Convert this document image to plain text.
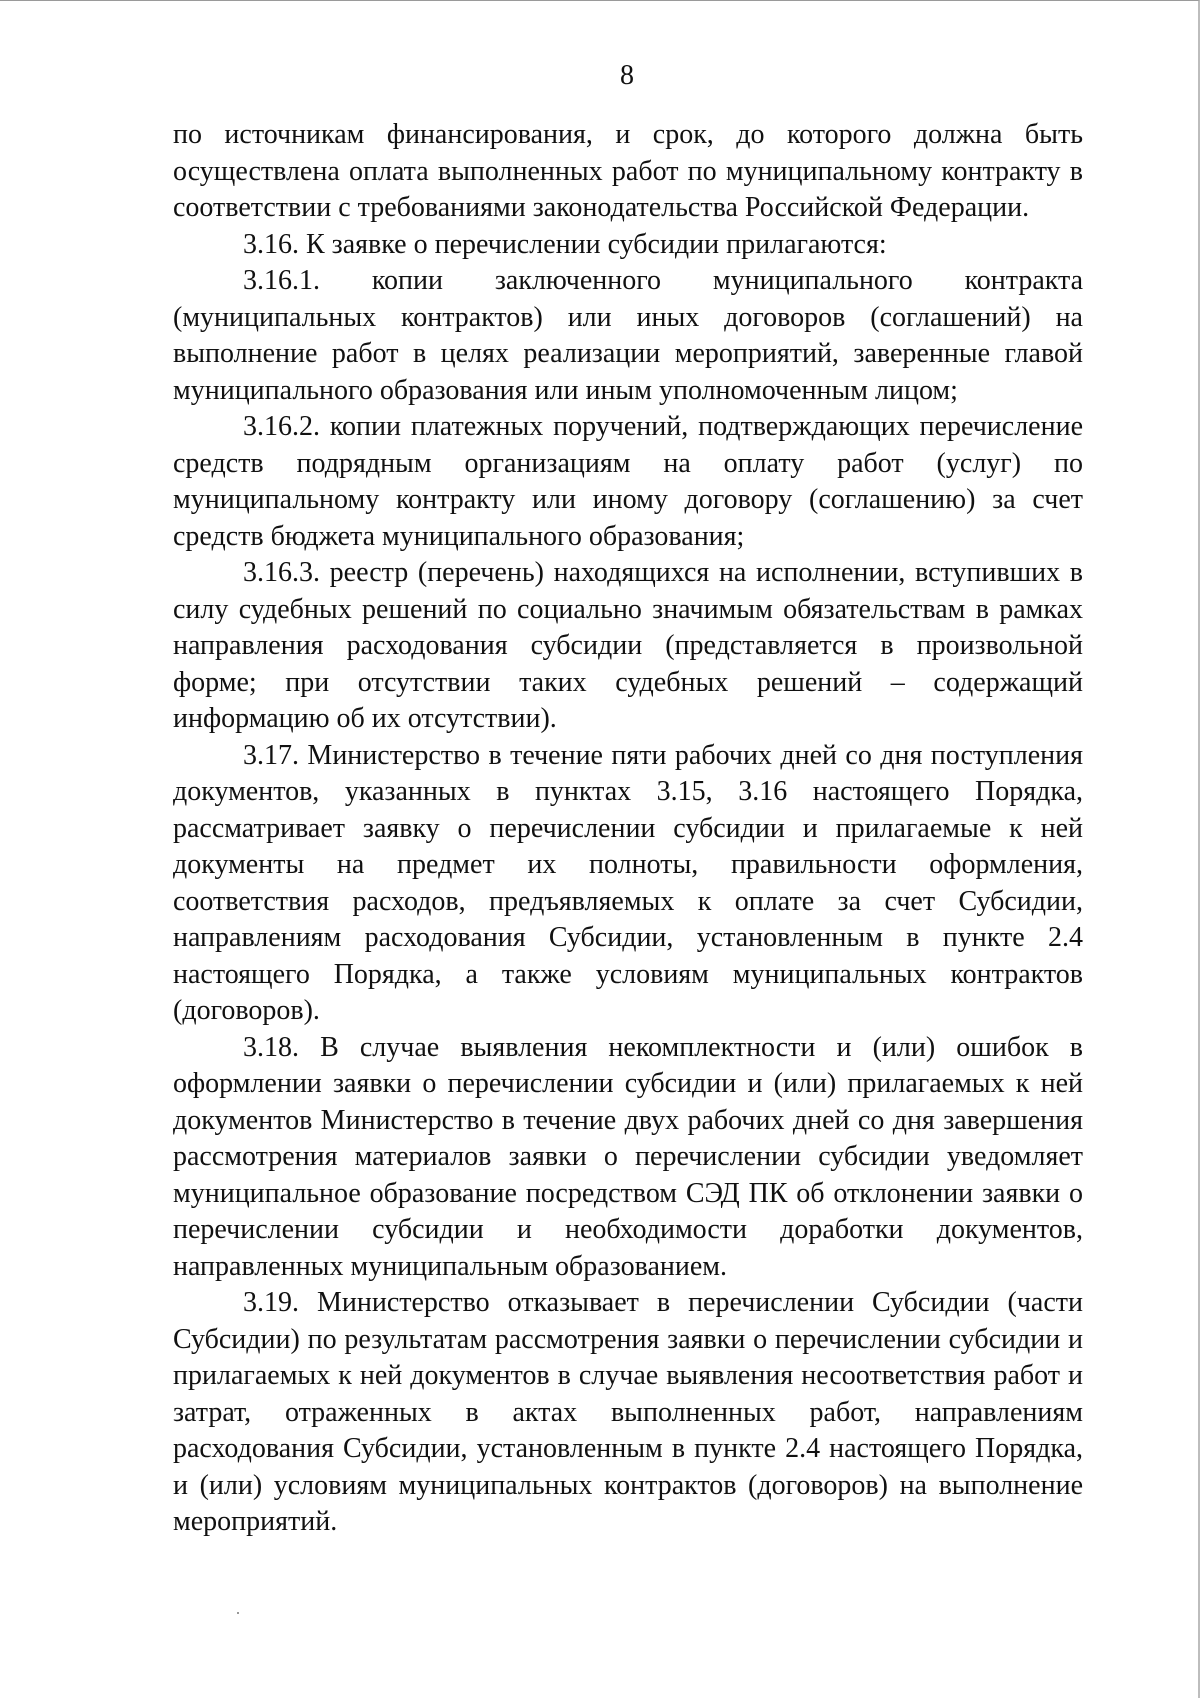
8

по источникам финансирования, и срок, до которого должна быть осуществлена оплата выполненных работ по муниципальному контракту в соответствии с требованиями законодательства Российской Федерации.

3.16. К заявке о перечислении субсидии прилагаются:

3.16.1. копии заключенного муниципального контракта (муниципальных контрактов) или иных договоров (соглашений) на выполнение работ в целях реализации мероприятий, заверенные главой муниципального образования или иным уполномоченным лицом;

3.16.2. копии платежных поручений, подтверждающих перечисление средств подрядным организациям на оплату работ (услуг) по муниципальному контракту или иному договору (соглашению) за счет средств бюджета муниципального образования;

3.16.3. реестр (перечень) находящихся на исполнении, вступивших в силу судебных решений по социально значимым обязательствам в рамках направления расходования субсидии (представляется в произвольной форме; при отсутствии таких судебных решений – содержащий информацию об их отсутствии).

3.17. Министерство в течение пяти рабочих дней со дня поступления документов, указанных в пунктах 3.15, 3.16 настоящего Порядка, рассматривает заявку о перечислении субсидии и прилагаемые к ней документы на предмет их полноты, правильности оформления, соответствия расходов, предъявляемых к оплате за счет Субсидии, направлениям расходования Субсидии, установленным в пункте 2.4 настоящего Порядка, а также условиям муниципальных контрактов (договоров).

3.18. В случае выявления некомплектности и (или) ошибок в оформлении заявки о перечислении субсидии и (или) прилагаемых к ней документов Министерство в течение двух рабочих дней со дня завершения рассмотрения материалов заявки о перечислении субсидии уведомляет муниципальное образование посредством СЭД ПК об отклонении заявки о перечислении субсидии и необходимости доработки документов, направленных муниципальным образованием.

3.19. Министерство отказывает в перечислении Субсидии (части Субсидии) по результатам рассмотрения заявки о перечислении субсидии и прилагаемых к ней документов в случае выявления несоответствия работ и затрат, отраженных в актах выполненных работ, направлениям расходования Субсидии, установленным в пункте 2.4 настоящего Порядка, и (или) условиям муниципальных контрактов (договоров) на выполнение мероприятий.
